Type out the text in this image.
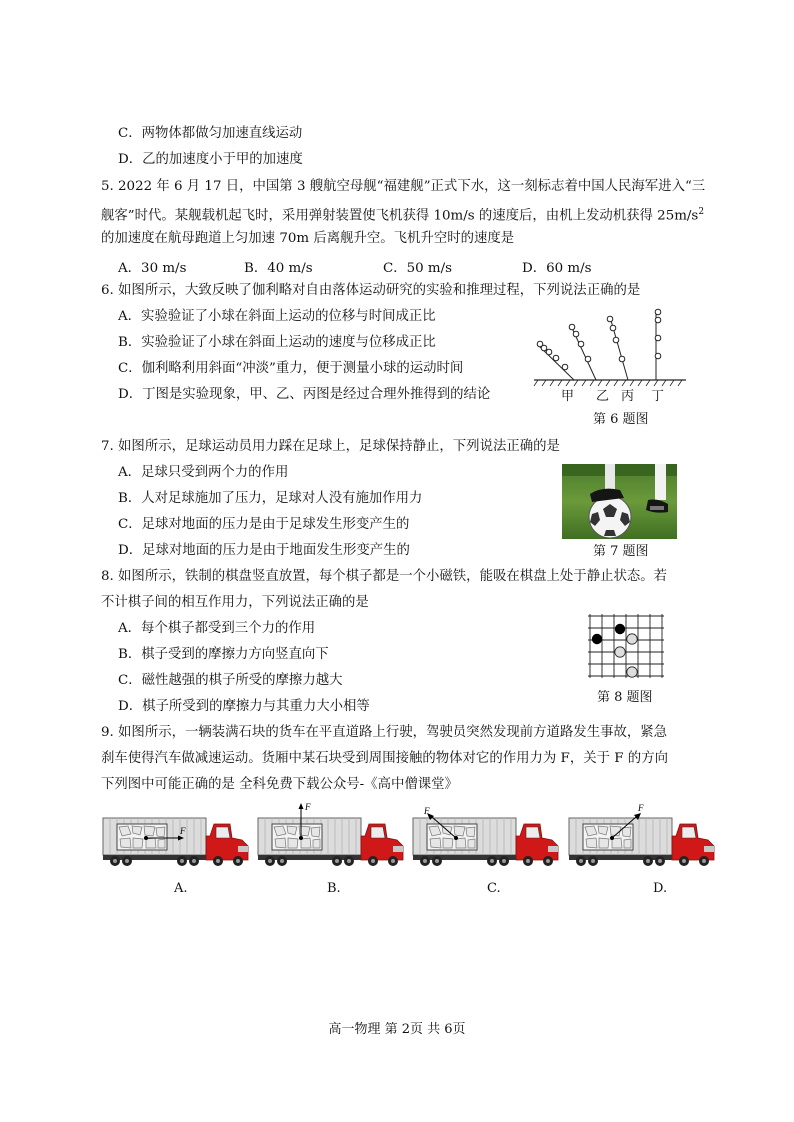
C．两物体都做匀加速直线运动
D．乙的加速度小于甲的加速度
5. 2022 年 6 月 17 日，中国第 3 艘航空母舰“福建舰”正式下水，这一刻标志着中国人民海军进入“三
舰客”时代。某舰载机起飞时，采用弹射装置使飞机获得 10m/s 的速度后，由机上发动机获得 $25m/s^2$
的加速度在航母跑道上匀加速 70m 后离舰升空。飞机升空时的速度是
A．30 m/s	B．40 m/s	C．50 m/s	D．60 m/s
6. 如图所示，大致反映了伽利略对自由落体运动研究的实验和推理过程，下列说法正确的是
A．实验验证了小球在斜面上运动的位移与时间成正比
B．实验验证了小球在斜面上运动的速度与位移成正比
C．伽利略利用斜面“冲淡”重力，便于测量小球的运动时间
D．丁图是实验现象，甲、乙、丙图是经过合理外推得到的结论	甲 乙 丙 丁
第 6 题图
7. 如图所示，足球运动员用力踩在足球上，足球保持静止，下列说法正确的是
A．足球只受到两个力的作用
B．人对足球施加了压力，足球对人没有施加作用力
C．足球对地面的压力是由于足球发生形变产生的
D．足球对地面的压力是由于地面发生形变产生的	第 7 题图
8. 如图所示，铁制的棋盘竖直放置，每个棋子都是一个小磁铁，能吸在棋盘上处于静止状态。若
不计棋子间的相互作用力，下列说法正确的是
A．每个棋子都受到三个力的作用
B．棋子受到的摩擦力方向竖直向下
C．磁性越强的棋子所受的摩擦力越大
D．棋子所受到的摩擦力与其重力大小相等
第 8 题图
9. 如图所示，一辆装满石块的货车在平直道路上行驶，驾驶员突然发现前方道路发生事故，紧急
刹车使得汽车做减速运动。货厢中某石块受到周围接触的物体对它的作用力为 F，关于 F 的方向
下列图中可能正确的是 全科免费下载公众号-《高中僧课堂》
F
F	F	F
A.	B.	C.	D.
高一物理 第 2页 共 6页
